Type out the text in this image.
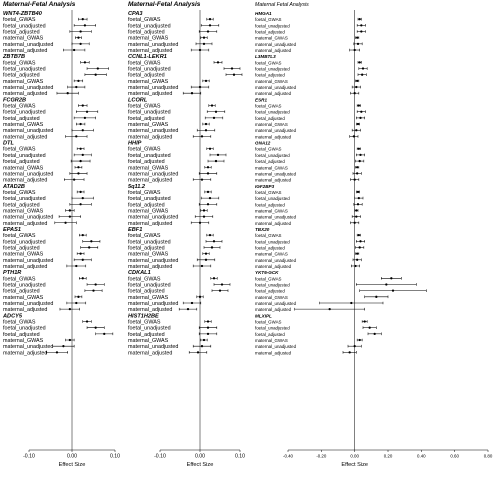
Maternal-Fetal Analysis
WNT4-ZBTB40
foetal_GWAS
foetal_unadjusted
foetal_adjusted
maternal_GWAS
maternal_unadjusted
maternal_adjusted
ZBTB7B
foetal_GWAS
foetal_unadjusted
foetal_adjusted
maternal_GWAS
maternal_unadjusted
maternal_adjusted
FCGR2B
foetal_GWAS
foetal_unadjusted
foetal_adjusted
maternal_GWAS
maternal_unadjusted
maternal_adjusted
DTL
foetal_GWAS
foetal_unadjusted
foetal_adjusted
maternal_GWAS
maternal_unadjusted
maternal_adjusted
ATAD2B
foetal_GWAS
foetal_unadjusted
foetal_adjusted
maternal_GWAS
maternal_unadjusted
maternal_adjusted
EPAS1
foetal_GWAS
foetal_unadjusted
foetal_adjusted
maternal_GWAS
maternal_unadjusted
maternal_adjusted
PTH1R
foetal_GWAS
foetal_unadjusted
foetal_adjusted
maternal_GWAS
maternal_unadjusted
maternal_adjusted
ADCY5
foetal_GWAS
foetal_unadjusted
foetal_adjusted
maternal_GWAS
maternal_unadjusted
maternal_adjusted
-0.10	0.00	0.10
Effect Size
Maternal-Fetal Analysis
CPA3
foetal_GWAS
foetal_unadjusted
foetal_adjusted
maternal_GWAS
maternal_unadjusted
maternal_adjusted
CCNL1-LEKR1
foetal_GWAS
foetal_unadjusted
foetal_adjusted
maternal_GWAS
maternal_unadjusted
maternal_adjusted
LCORL
foetal_GWAS
foetal_unadjusted
foetal_adjusted
maternal_GWAS
maternal_unadjusted
maternal_adjusted
HHIP
foetal_GWAS
foetal_unadjusted
foetal_adjusted
maternal_GWAS
maternal_unadjusted
maternal_adjusted
5q11.2
foetal_GWAS
foetal_unadjusted
foetal_adjusted
maternal_GWAS
maternal_unadjusted
maternal_adjusted
EBF1
foetal_GWAS
foetal_unadjusted
foetal_adjusted
maternal_GWAS
maternal_unadjusted
maternal_adjusted
CDKAL1
foetal_GWAS
foetal_unadjusted
foetal_adjusted
maternal_GWAS
maternal_unadjusted
maternal_adjusted
HIST1H2BE
foetal_GWAS
foetal_unadjusted
foetal_adjusted
maternal_GWAS
maternal_unadjusted
maternal_adjusted
-0.10	0.00	0.10
Effect Size
Maternal Fetal Analysis
HMGA1
foetal_GWAS
foetal_unadjusted
foetal_adjusted
maternal_GWAS
maternal_unadjusted
maternal_adjusted
L3MBTL3
foetal_GWAS
foetal_unadjusted
foetal_adjusted
maternal_GWAS
maternal_unadjusted
maternal_adjusted
ESR1
foetal_GWAS
foetal_unadjusted
foetal_adjusted
maternal_GWAS
maternal_unadjusted
maternal_adjusted
GNA12
foetal_GWAS
foetal_unadjusted
foetal_adjusted
maternal_GWAS
maternal_unadjusted
maternal_adjusted
IGF2BP3
foetal_GWAS
foetal_unadjusted
foetal_adjusted
maternal_GWAS
maternal_unadjusted
maternal_adjusted
TBX20
foetal_GWAS
foetal_unadjusted
foetal_adjusted
maternal_GWAS
maternal_unadjusted
maternal_adjusted
YKT6-GCK
foetal_GWAS
foetal_unadjusted
foetal_adjusted
maternal_GWAS
maternal_unadjusted
maternal_adjusted
MLXIPL
foetal_GWAS
foetal_unadjusted
foetal_adjusted
maternal_GWAS
maternal_unadjusted
maternal_adjusted
-0.40	-0.20	0.00	0.20	0.40	0.60	0.80
Effect Size
